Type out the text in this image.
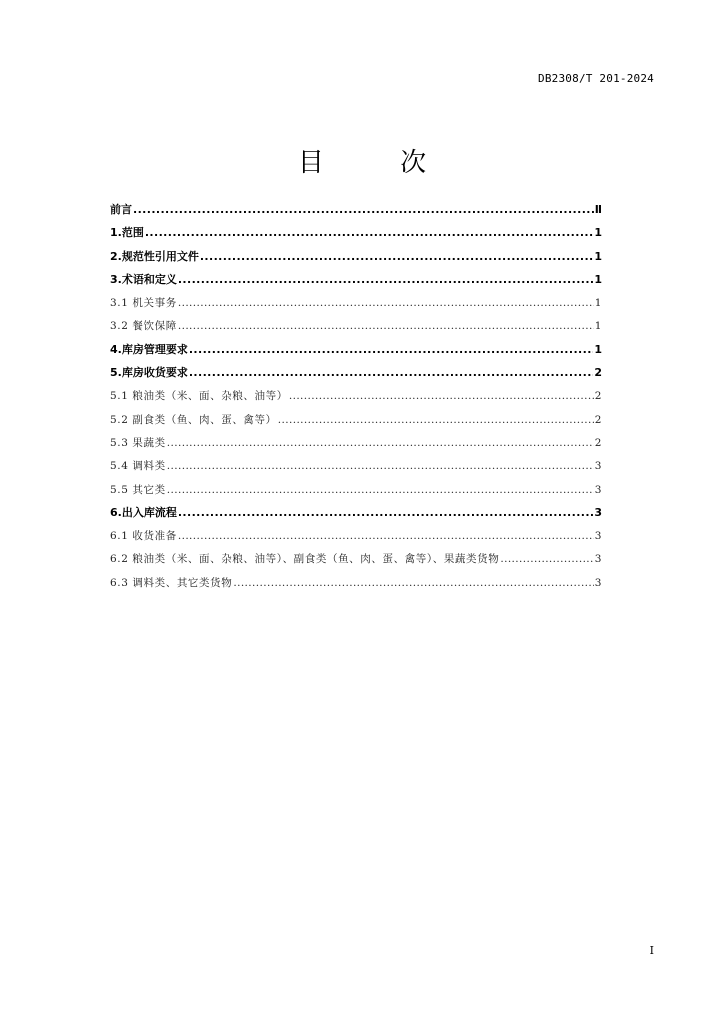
DB2308/T 201-2024
目 次
前言 .....	Ⅱ
1.范围 .....	1
2.规范性引用文件 .....	1
3.术语和定义 .....	1
3.1 机关事务 .....	1
3.2 餐饮保障 .....	1
4.库房管理要求 .....	1
5.库房收货要求 .....	2
5.1 粮油类（米、面、杂粮、油等） .....	2
5.2 副食类（鱼、肉、蛋、禽等） .....	2
5.3 果蔬类 .....	2
5.4 调料类 .....	3
5.5 其它类 .....	3
6.出入库流程 .....	3
6.1 收货准备 .....	3
6.2 粮油类（米、面、杂粮、油等）、副食类（鱼、肉、蛋、禽等）、果蔬类货物 .....	3
6.3 调料类、其它类货物 .....	3
I
